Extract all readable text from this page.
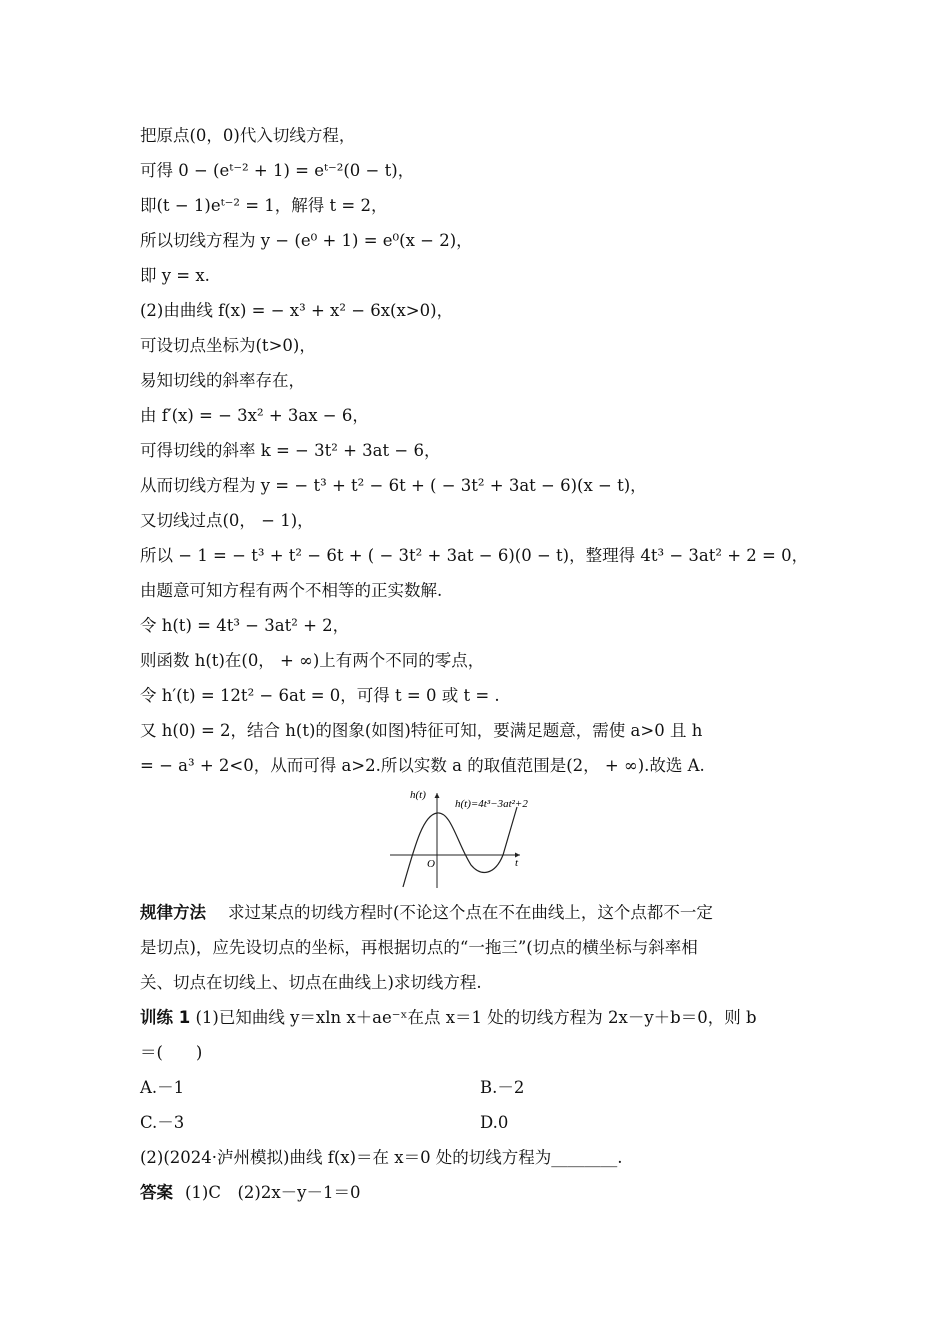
把原点(0，0)代入切线方程，
可得 0 − (eᵗ⁻² + 1) = eᵗ⁻²(0 − t)，
即(t − 1)eᵗ⁻² = 1，解得 t = 2，
所以切线方程为 y − (e⁰ + 1) = e⁰(x − 2)，
即 y = x.
(2)由曲线 f(x) = − x³ + x² − 6x(x>0)，
可设切点坐标为(t>0)，
易知切线的斜率存在，
由 f′(x) = − 3x² + 3ax − 6，
可得切线的斜率 k = − 3t² + 3at − 6，
从而切线方程为 y = − t³ + t² − 6t + ( − 3t² + 3at − 6)(x − t)，
又切线过点(0， − 1)，
所以 − 1 = − t³ + t² − 6t + ( − 3t² + 3at − 6)(0 − t)，整理得 4t³ − 3at² + 2 = 0，
由题意可知方程有两个不相等的正实数解.
令 h(t) = 4t³ − 3at² + 2，
则函数 h(t)在(0， + ∞)上有两个不同的零点，
令 h′(t) = 12t² − 6at = 0，可得 t = 0 或 t = .
又 h(0) = 2，结合 h(t)的图象(如图)特征可知，要满足题意，需使 a>0 且 h
= − a³ + 2<0，从而可得 a>2.所以实数 a 的取值范围是(2， + ∞).故选 A.
h(t)
t
O
h(t)=4t³−3at²+2
规律方法 求过某点的切线方程时(不论这个点在不在曲线上，这个点都不一定
是切点)，应先设切点的坐标，再根据切点的“一拖三”(切点的横坐标与斜率相
关、切点在切线上、切点在曲线上)求切线方程.
训练 1 (1)已知曲线 y＝xln x＋ae⁻ˣ在点 x＝1 处的切线方程为 2x－y＋b＝0，则 b
＝(　　)
A.－1	B.－2
C.－3	D.0
(2)(2024·泸州模拟)曲线 f(x)＝在 x＝0 处的切线方程为________.
答案 (1)C　(2)2x－y－1＝0
